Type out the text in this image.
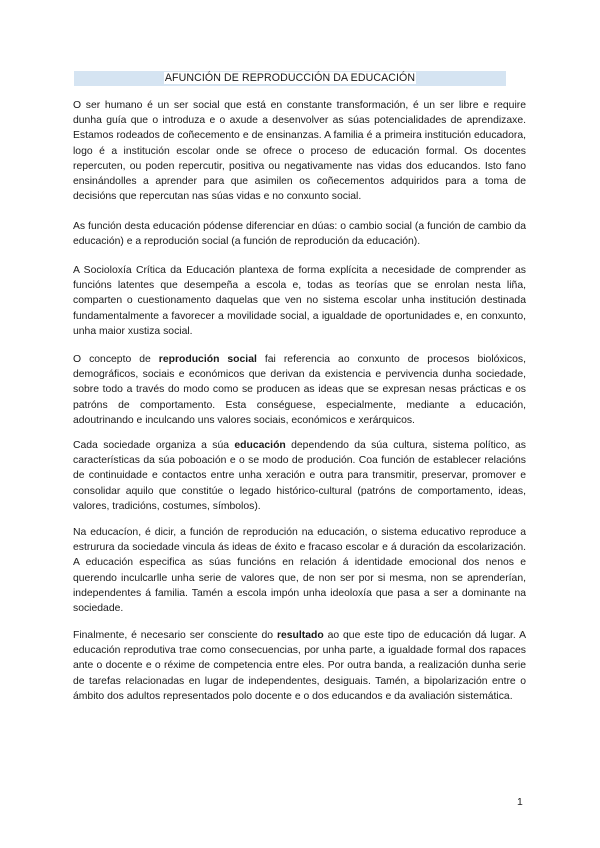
AFUNCIÓN DE REPRODUCCIÓN DA EDUCACIÓN

O ser humano é un ser social que está en constante transformación, é un ser libre e require dunha guía que o introduza e o axude a desenvolver as súas potencialidades de aprendizaxe. Estamos rodeados de coñecemento e de ensinanzas. A familia é a primeira institución educadora, logo é a institución escolar onde se ofrece o proceso de educación formal. Os docentes repercuten, ou poden repercutir, positiva ou negativamente nas vidas dos educandos. Isto fano ensinándolles a aprender para que asimilen os coñecementos adquiridos para a toma de decisións que repercutan nas súas vidas e no conxunto social.

As función desta educación pódense diferenciar en dúas: o cambio social (a función de cambio da educación) e a reprodución social (a función de reprodución da educación).

A Socioloxía Crítica da Educación plantexa de forma explícita a necesidade de comprender as funcións latentes que desempeña a escola e, todas as teorías que se enrolan nesta liña, comparten o cuestionamento daquelas que ven no sistema escolar unha institución destinada fundamentalmente a favorecer a movilidade social, a igualdade de oportunidades e, en conxunto, unha maior xustiza social.

O concepto de reprodución social fai referencia ao conxunto de procesos biolóxicos, demográficos, sociais e económicos que derivan da existencia e pervivencia dunha sociedade, sobre todo a través do modo como se producen as ideas que se expresan nesas prácticas e os patróns de comportamento. Esta conséguese, especialmente, mediante a educación, adoutrinando e inculcando uns valores sociais, económicos e xerárquicos.

Cada sociedade organiza a súa educación dependendo da súa cultura, sistema político, as características da súa poboación e o se modo de produción. Coa función de establecer relacións de continuidade e contactos entre unha xeración e outra para transmitir, preservar, promover e consolidar aquilo que constitúe o legado histórico-cultural (patróns de comportamento, ideas, valores, tradicións, costumes, símbolos).

Na educacíon, é dicir, a función de reprodución na educación, o sistema educativo reproduce a estrurura da sociedade vincula ás ideas de éxito e fracaso escolar e á duración da escolarización. A educación especifica as súas funcións en relación á identidade emocional dos nenos e querendo inculcarlle unha serie de valores que, de non ser por si mesma, non se aprenderían, independentes á familia. Tamén a escola impón unha ideoloxía que pasa a ser a dominante na sociedade.

Finalmente, é necesario ser consciente do resultado ao que este tipo de educación dá lugar. A educación reprodutiva trae como consecuencias, por unha parte, a igualdade formal dos rapaces ante o docente e o réxime de competencia entre eles. Por outra banda, a realización dunha serie de tarefas relacionadas en lugar de independentes, desiguais. Tamén, a bipolarización entre o ámbito dos adultos representados polo docente e o dos educandos e da avaliación sistemática.

1
